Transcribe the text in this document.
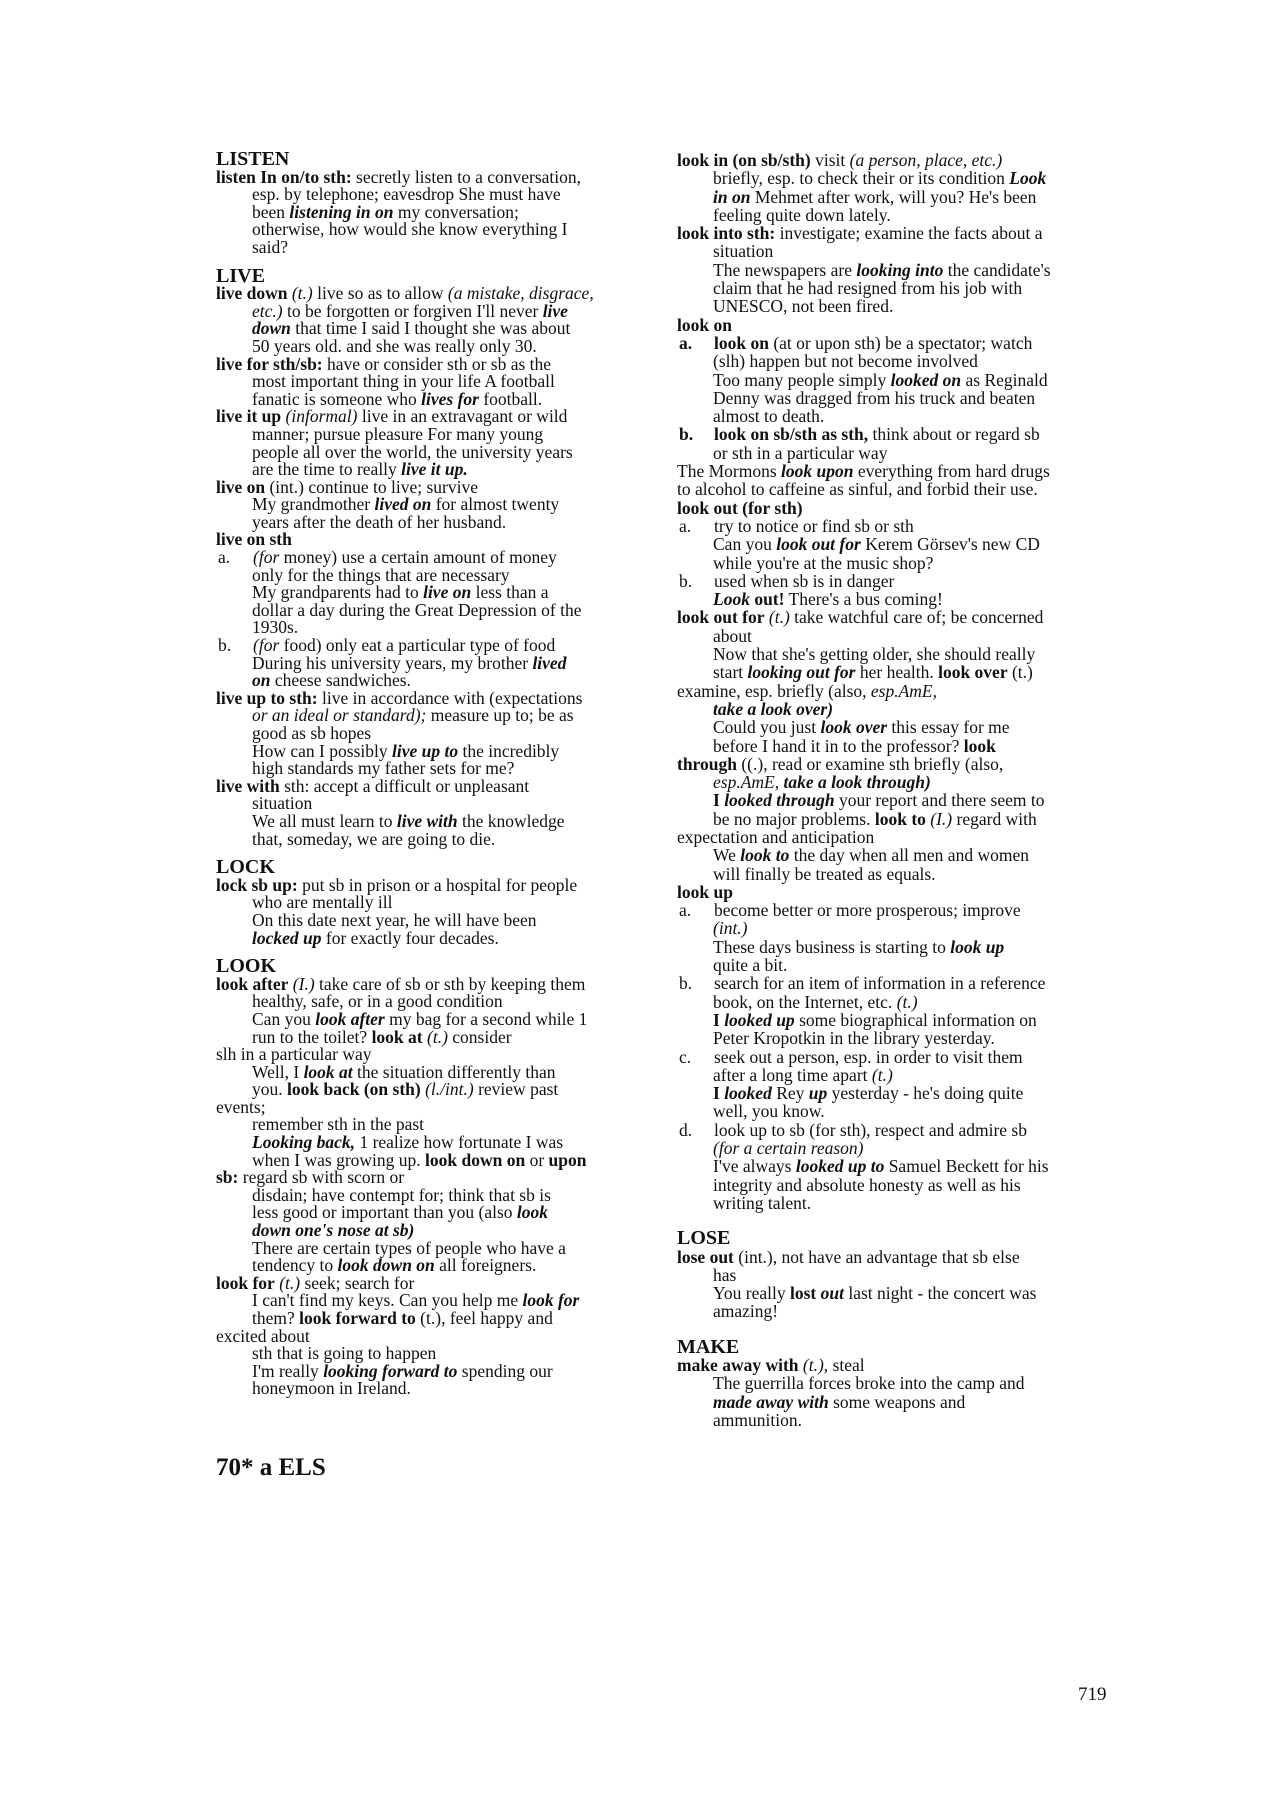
LISTEN
listen In on/to sth: secretly listen to a conversation,
esp. by telephone; eavesdrop She must have
been listening in on my conversation;
otherwise, how would she know everything I
said?
LIVE
live down (t.) live so as to allow (a mistake, disgrace,
etc.) to be forgotten or forgiven I'll never live
down that time I said I thought she was about
50 years old. and she was really only 30.
live for sth/sb: have or consider sth or sb as the
most important thing in your life A football
fanatic is someone who lives for football.
live it up (informal) live in an extravagant or wild
manner; pursue pleasure For many young
people all over the world, the university years
are the time to really live it up.
live on (int.) continue to live; survive
My grandmother lived on for almost twenty
years after the death of her husband.
live on sth
a. (for money) use a certain amount of money
only for the things that are necessary
My grandparents had to live on less than a
dollar a day during the Great Depression of the
1930s.
b. (for food) only eat a particular type of food
During his university years, my brother lived
on cheese sandwiches.
live up to sth: live in accordance with (expectations
or an ideal or standard); measure up to; be as
good as sb hopes
How can I possibly live up to the incredibly
high standards my father sets for me?
live with sth: accept a difficult or unpleasant
situation
We all must learn to live with the knowledge
that, someday, we are going to die.
LOCK
lock sb up: put sb in prison or a hospital for people
who are mentally ill
On this date next year, he will have been
locked up for exactly four decades.
LOOK
look after (I.) take care of sb or sth by keeping them
healthy, safe, or in a good condition
Can you look after my bag for a second while 1
run to the toilet? look at (t.) consider
slh in a particular way
Well, I look at the situation differently than
you. look back (on sth) (l./int.) review past
events;
remember sth in the past
Looking back, 1 realize how fortunate I was
when I was growing up. look down on or upon
sb: regard sb with scorn or
disdain; have contempt for; think that sb is
less good or important than you (also look
down one's nose at sb)
There are certain types of people who have a
tendency to look down on all foreigners.
look for (t.) seek; search for
I can't find my keys. Can you help me look for
them? look forward to (t.), feel happy and
excited about
sth that is going to happen
I'm really looking forward to spending our
honeymoon in Ireland.
look in (on sb/sth) visit (a person, place, etc.)
briefly, esp. to check their or its condition Look
in on Mehmet after work, will you? He's been
feeling quite down lately.
look into sth: investigate; examine the facts about a
situation
The newspapers are looking into the candidate's
claim that he had resigned from his job with
UNESCO, not been fired.
look on
a. look on (at or upon sth) be a spectator; watch
(slh) happen but not become involved
Too many people simply looked on as Reginald
Denny was dragged from his truck and beaten
almost to death.
b. look on sb/sth as sth, think about or regard sb
or sth in a particular way
The Mormons look upon everything from hard drugs
to alcohol to caffeine as sinful, and forbid their use.
look out (for sth)
a. try to notice or find sb or sth
Can you look out for Kerem Görsev's new CD
while you're at the music shop?
b. used when sb is in danger
Look out! There's a bus coming!
look out for (t.) take watchful care of; be concerned
about
Now that she's getting older, she should really
start looking out for her health. look over (t.)
examine, esp. briefly (also, esp.AmE,
take a look over)
Could you just look over this essay for me
before I hand it in to the professor? look
through ((.), read or examine sth briefly (also,
esp.AmE, take a look through)
I looked through your report and there seem to
be no major problems. look to (I.) regard with
expectation and anticipation
We look to the day when all men and women
will finally be treated as equals.
look up
a. become better or more prosperous; improve
(int.)
These days business is starting to look up
quite a bit.
b. search for an item of information in a reference
book, on the Internet, etc. (t.)
I looked up some biographical information on
Peter Kropotkin in the library yesterday.
c. seek out a person, esp. in order to visit them
after a long time apart (t.)
I looked Rey up yesterday - he's doing quite
well, you know.
d. look up to sb (for sth), respect and admire sb
(for a certain reason)
I've always looked up to Samuel Beckett for his
integrity and absolute honesty as well as his
writing talent.
LOSE
lose out (int.), not have an advantage that sb else
has
You really lost out last night - the concert was
amazing!
MAKE
make away with (t.), steal
The guerrilla forces broke into the camp and
made away with some weapons and
ammunition.
70* a ELS
719
